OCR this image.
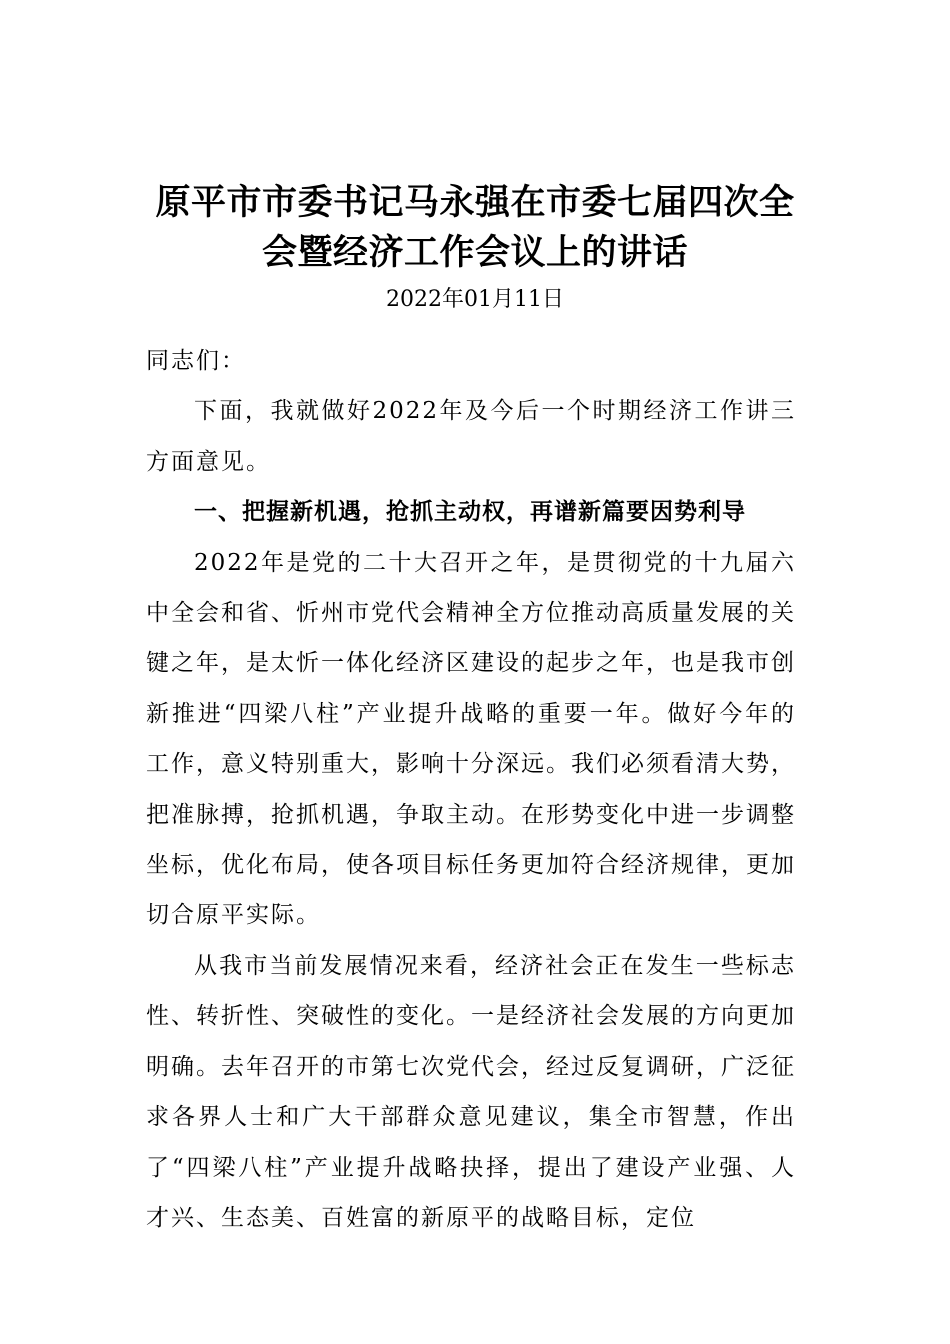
原平市市委书记马永强在市委七届四次全会暨经济工作会议上的讲话
2022年01月11日

同志们：

下面，我就做好2022年及今后一个时期经济工作讲三方面意见。

一、把握新机遇，抢抓主动权，再谱新篇要因势利导

2022年是党的二十大召开之年，是贯彻党的十九届六中全会和省、忻州市党代会精神全方位推动高质量发展的关键之年，是太忻一体化经济区建设的起步之年，也是我市创新推进“四梁八柱”产业提升战略的重要一年。做好今年的工作，意义特别重大，影响十分深远。我们必须看清大势，把准脉搏，抢抓机遇，争取主动。在形势变化中进一步调整坐标，优化布局，使各项目标任务更加符合经济规律，更加切合原平实际。

从我市当前发展情况来看，经济社会正在发生一些标志性、转折性、突破性的变化。一是经济社会发展的方向更加明确。去年召开的市第七次党代会，经过反复调研，广泛征求各界人士和广大干部群众意见建议，集全市智慧，作出了“四梁八柱”产业提升战略抉择，提出了建设产业强、人才兴、生态美、百姓富的新原平的战略目标，定位
